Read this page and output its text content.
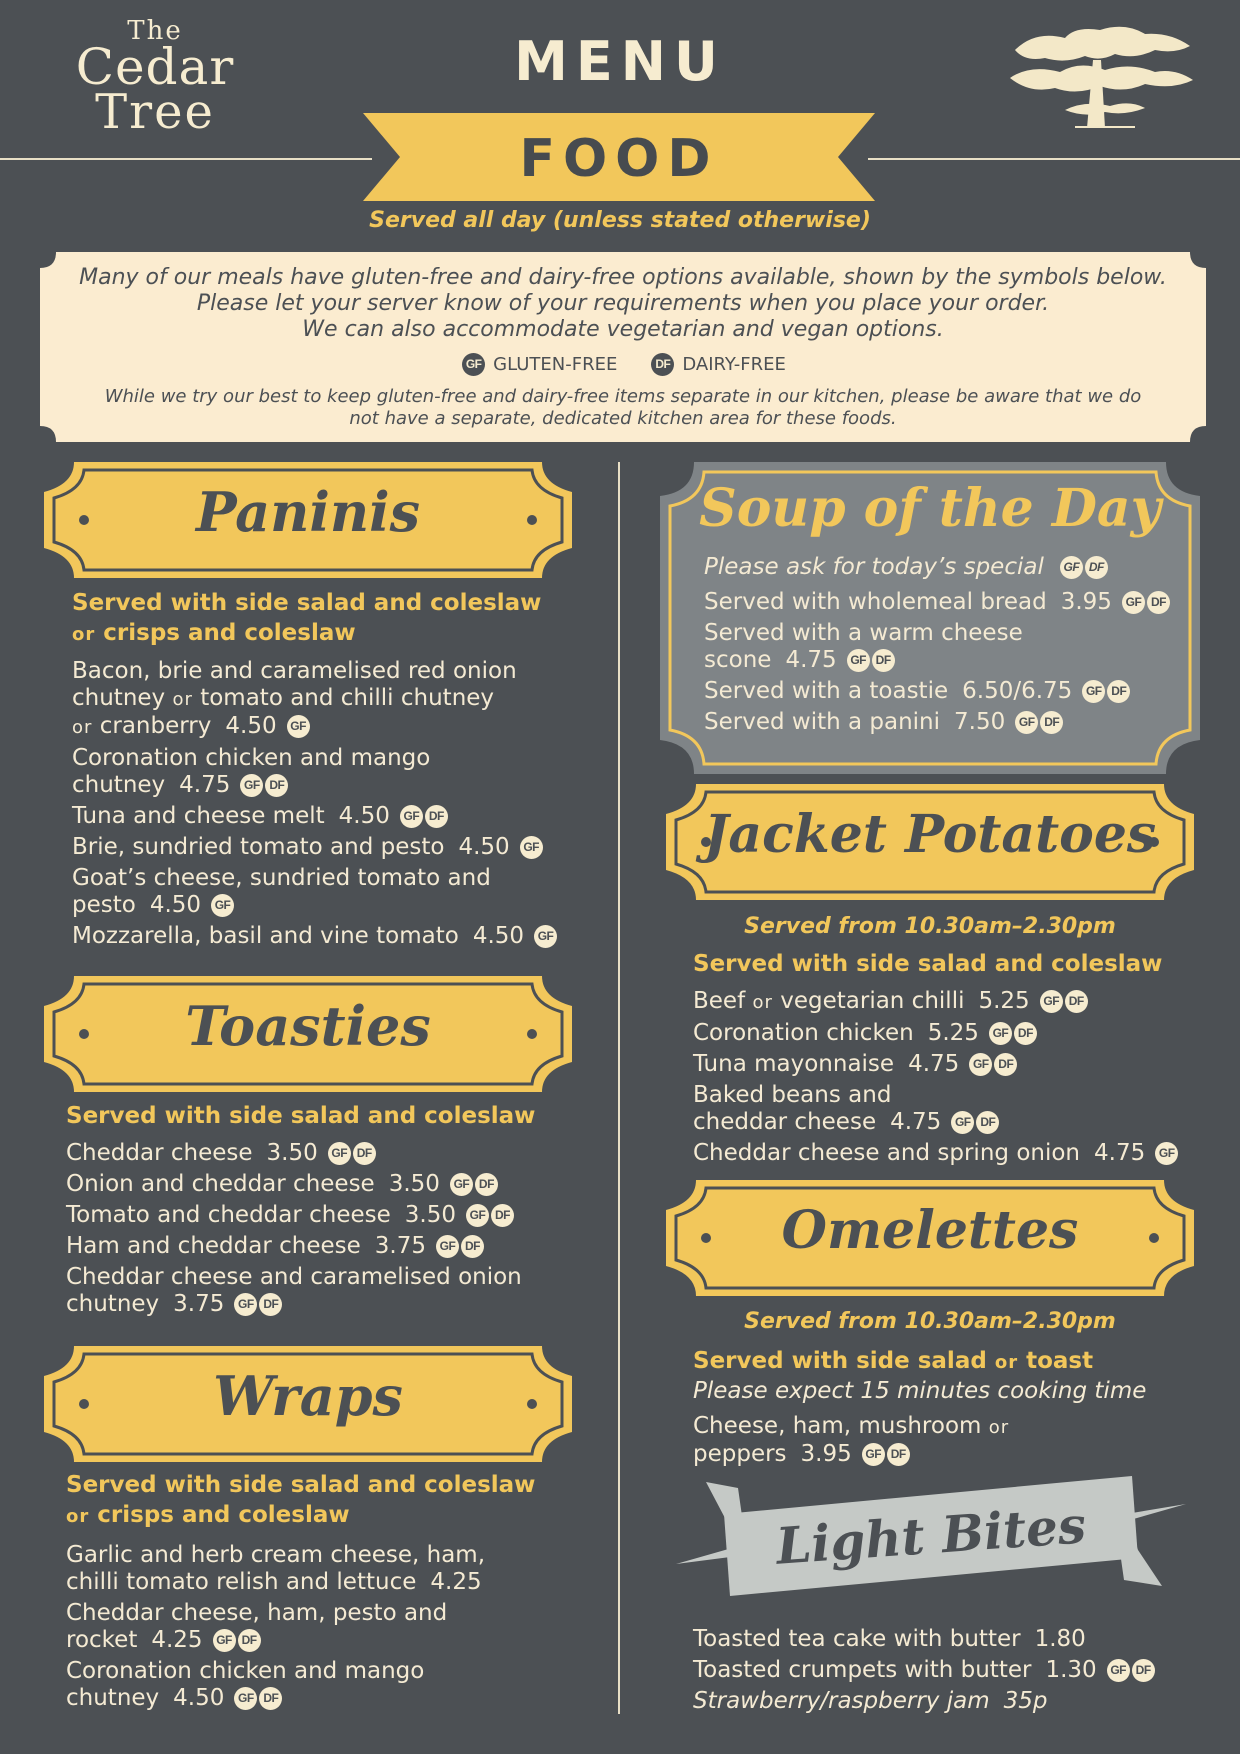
The
Cedar
Tree
MENU
FOOD
Served all day (unless stated otherwise)
Many of our meals have gluten-free and dairy-free options available, shown by the symbols below.
Please let your server know of your requirements when you place your order.
We can also accommodate vegetarian and vegan options.
GF GLUTEN-FREE	DF DAIRY-FREE
While we try our best to keep gluten-free and dairy-free items separate in our kitchen, please be aware that we do not have a separate, dedicated kitchen area for these foods.
Paninis
Served with side salad and coleslaw
or crisps and coleslaw
Bacon, brie and caramelised red onion
chutney or tomato and chilli chutney
or cranberry 4.50 GF
Coronation chicken and mango
chutney 4.75 GF DF
Tuna and cheese melt 4.50 GF DF
Brie, sundried tomato and pesto 4.50 GF
Goat’s cheese, sundried tomato and
pesto 4.50 GF
Mozzarella, basil and vine tomato 4.50 GF
Toasties
Served with side salad and coleslaw
Cheddar cheese 3.50 GF DF
Onion and cheddar cheese 3.50 GF DF
Tomato and cheddar cheese 3.50 GF DF
Ham and cheddar cheese 3.75 GF DF
Cheddar cheese and caramelised onion
chutney 3.75 GF DF
Wraps
Served with side salad and coleslaw
or crisps and coleslaw
Garlic and herb cream cheese, ham,
chilli tomato relish and lettuce 4.25
Cheddar cheese, ham, pesto and
rocket 4.25 GF DF
Coronation chicken and mango
chutney 4.50 GF DF
Soup of the Day
Please ask for today’s special GF DF
Served with wholemeal bread 3.95 GF DF
Served with a warm cheese
scone 4.75 GF DF
Served with a toastie 6.50/6.75 GF DF
Served with a panini 7.50 GF DF
Jacket Potatoes
Served from 10.30am–2.30pm
Served with side salad and coleslaw
Beef or vegetarian chilli 5.25 GF DF
Coronation chicken 5.25 GF DF
Tuna mayonnaise 4.75 GF DF
Baked beans and
cheddar cheese 4.75 GF DF
Cheddar cheese and spring onion 4.75 GF
Omelettes
Served from 10.30am–2.30pm
Served with side salad or toast
Please expect 15 minutes cooking time
Cheese, ham, mushroom or
peppers 3.95 GF DF
Light Bites
Toasted tea cake with butter 1.80
Toasted crumpets with butter 1.30 GF DF
Strawberry/raspberry jam 35p
